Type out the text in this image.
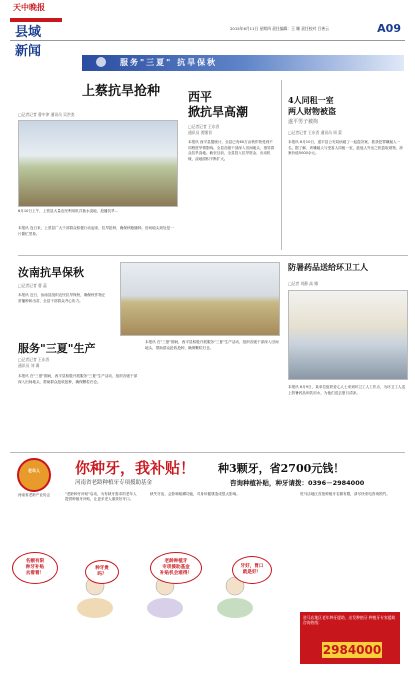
天中晚报
县域
新闻
2015年6月11日 星期四 责任编辑：王 姗 责任校对 吕善云	A09
服务"三夏" 抗旱保秋
上蔡抗旱抢种
□记者记者 曹中津 通讯员 吴洪类
6月10日上午，上蔡县大量农民利用机井抽水浇地，抢播抗旱…
本报讯 连日来，上蔡县广大干部群众积极行动起来，抗旱抢种，确保秋粮播种。田间地头到处是一片繁忙景象。
西平
掀抗旱高潮
□记者记者 王东晋
通讯员 贾继晋
本报讯 西平县据统计，全县已有60万亩秋作物受到不同程度旱情影响。全县各级干部深入田间地头，指导群众抗旱浇地。截至目前，全县投入抗旱资金，出动机械，浇地面积不断扩大。
4人同租一室
两人财物被盗
遂平男子被拘
□记者记者 王东晋 通讯员 周 蒙
本报讯 6月10日，遂平县公安局侦破了一起盗窃案，抓获犯罪嫌疑人一名。据了解，该嫌疑人与受害人同租一室，趁他人外出之机盗取财物，涉案价值5000余元。
汝南抗旱保秋
□记者记者 曹 蕊
本报讯 近日，汝南县组织农民抗旱保秋，确保秋作物正常播种和出苗，全县干部群众齐心协力。
防暑药品送给环卫工人
□记者 刘静 高 娜
本报讯 6月9日，某单位组织爱心人士来到环卫工人工作点，为环卫工人送上防暑药品和饮用水，为他们送去夏日清凉。
服务"三夏"生产
□记者记者 王东晋
通讯员 刘 冀
本报讯 在"三夏"期间，西平县积极开展服务"三夏"生产活动，组织各级干部深入田间地头，帮助群众抢收抢种，确保颗粒归仓。
本报讯 在"三夏"期间，西平县积极开展服务"三夏"生产活动，组织各级干部深入田间地头，帮助群众抢收抢种，确保颗粒归仓。
老年人
河南省老龄产业协会
你种牙，我补贴！ 种3颗牙，省2700元钱！
河南省老龄种植牙专项援助基金	咨询种植补贴，种牙请拨：0396－2984000
"老龄种牙补贴"启动，为有缺牙需求的老年人提供种植牙补贴，让更多老人重获好牙口。
缺失牙齿，会影响咀嚼功能，对身体健康造成很大影响。	驻马店地区首批种植牙名额有限，请尽快来电咨询预约。
名额有限
种牙补贴
去看看！
种牙贵
吗？
老龄种植牙
专项援助基金
补贴机会难得！
牙好，胃口
就是好！
驻马店地区老年种牙援助，出发种植牙 种植牙专家援助咨询热线：
2984000
